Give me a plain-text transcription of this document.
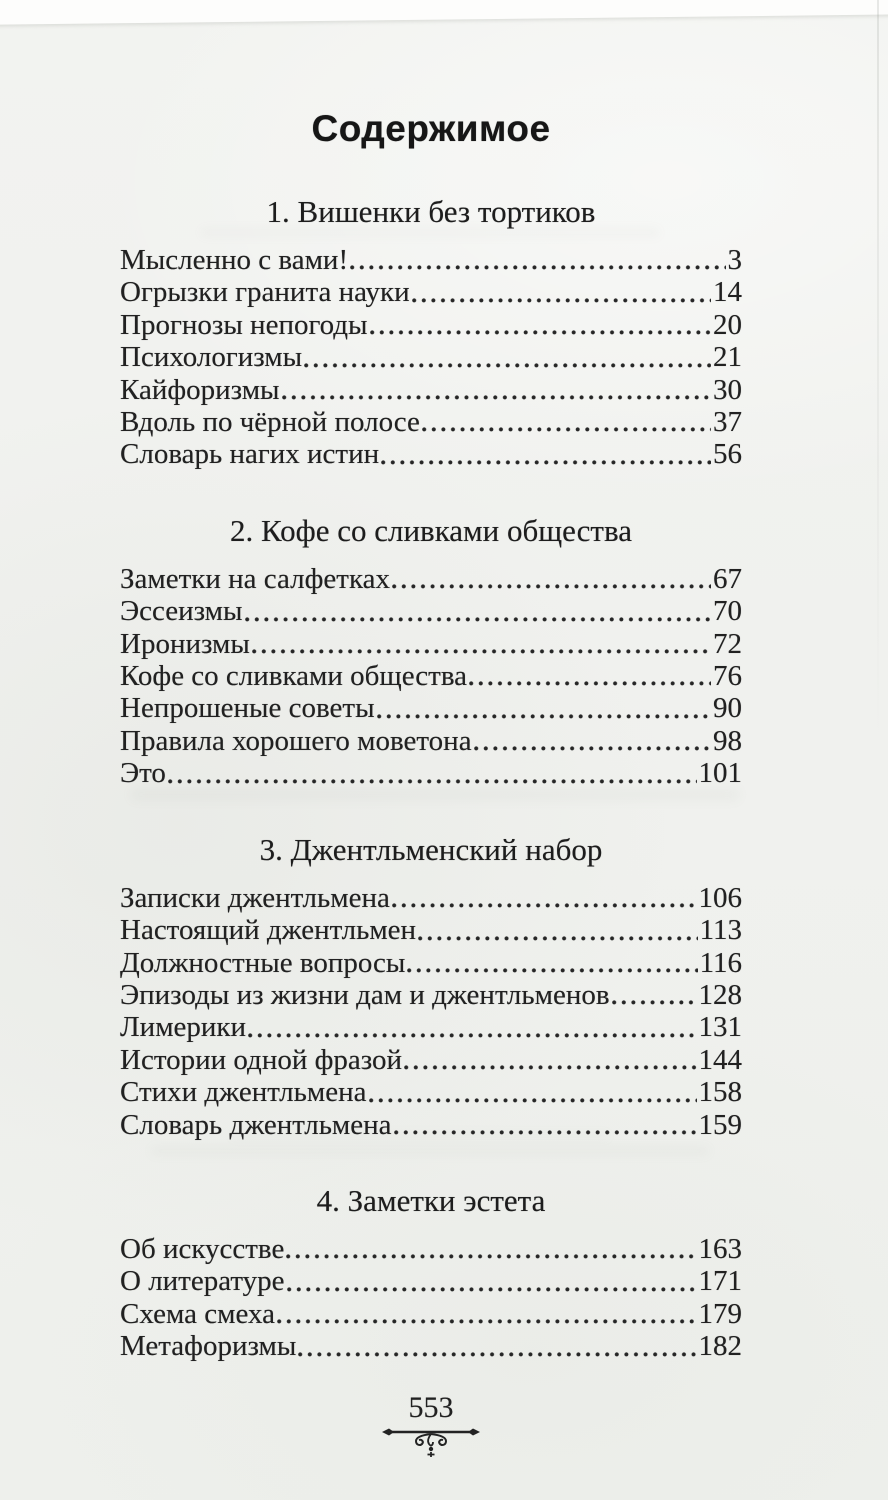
Содержимое
1. Вишенки без тортиков
Мысленно с вами!	3
Огрызки гранита науки	14
Прогнозы непогоды	20
Психологизмы	21
Кайфоризмы	30
Вдоль по чёрной полосе	37
Словарь нагих истин	56
2. Кофе со сливками общества
Заметки на салфетках	67
Эссеизмы	70
Иронизмы	72
Кофе со сливками общества	76
Непрошеные советы	90
Правила хорошего моветона	98
Это	101
3. Джентльменский набор
Записки джентльмена	106
Настоящий джентльмен	113
Должностные вопросы	116
Эпизоды из жизни дам и джентльменов	128
Лимерики	131
Истории одной фразой	144
Стихи джентльмена	158
Словарь джентльмена	159
4. Заметки эстета
Об искусстве	163
О литературе	171
Схема смеха	179
Метафоризмы	182
553
